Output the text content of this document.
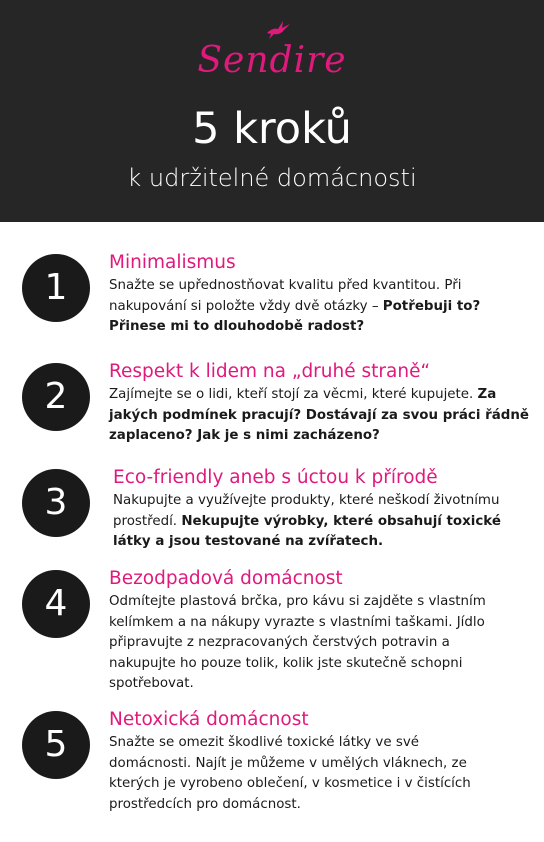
Sendire
5 kroků
k udržitelné domácnosti
1
Minimalismus
Snažte se upřednostňovat kvalitu před kvantitou. Při nakupování si položte vždy dvě otázky – Potřebuji to? Přinese mi to dlouhodobě radost?
2
Respekt k lidem na „druhé straně“
Zajímejte se o lidi, kteří stojí za věcmi, které kupujete. Za jakých podmínek pracují? Dostávají za svou práci řádně zaplaceno? Jak je s nimi zacházeno?
3
Eco-friendly aneb s úctou k přírodě
Nakupujte a využívejte produkty, které neškodí životnímu prostředí. Nekupujte výrobky, které obsahují toxické látky a jsou testované na zvířatech.
4
Bezodpadová domácnost
Odmítejte plastová brčka, pro kávu si zajděte s vlastním kelímkem a na nákupy vyrazte s vlastními taškami. Jídlo připravujte z nezpracovaných čerstvých potravin a nakupujte ho pouze tolik, kolik jste skutečně schopni spotřebovat.
5
Netoxická domácnost
Snažte se omezit škodlivé toxické látky ve své domácnosti. Najít je můžeme v umělých vláknech, ze kterých je vyrobeno oblečení, v kosmetice i v čistících prostředcích pro domácnost.
